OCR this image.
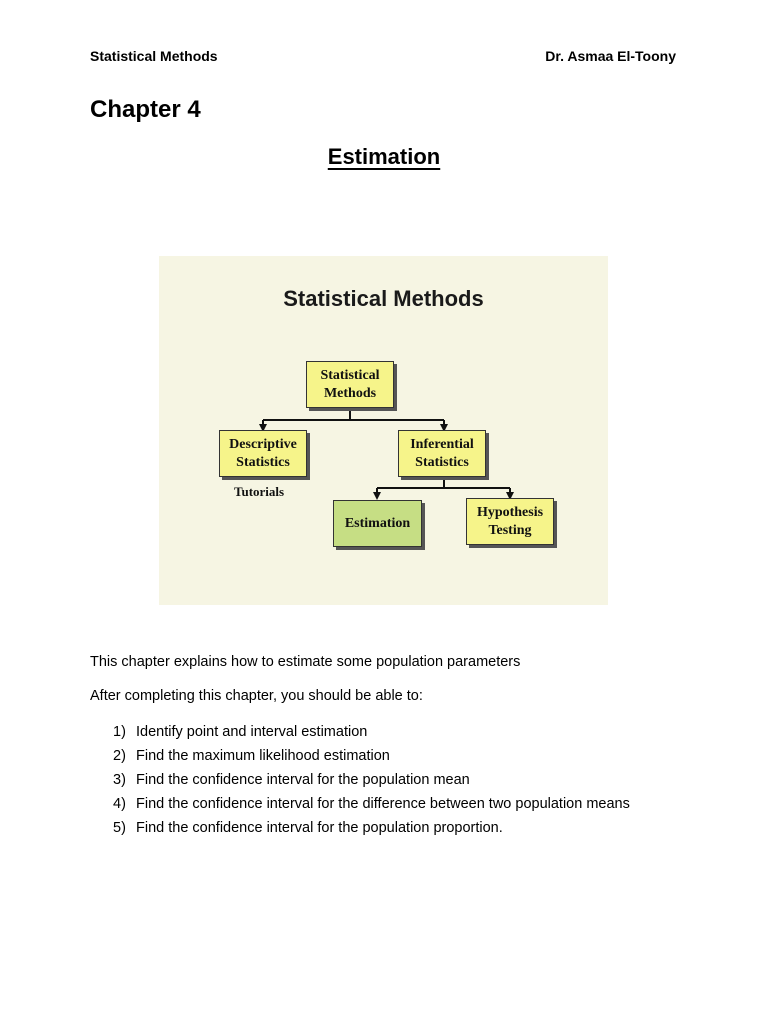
Statistical Methods	Dr. Asmaa El-Toony
Chapter 4
Estimation
Statistical Methods
Statistical Methods
Descriptive Statistics
Tutorials
Inferential Statistics
Estimation
Hypothesis Testing

This chapter explains how to estimate some population parameters

After completing this chapter, you should be able to:

1) Identify point and interval estimation
2) Find the maximum likelihood estimation
3) Find the confidence interval for the population mean
4) Find the confidence interval for the difference between two population means
5) Find the confidence interval for the population proportion.
